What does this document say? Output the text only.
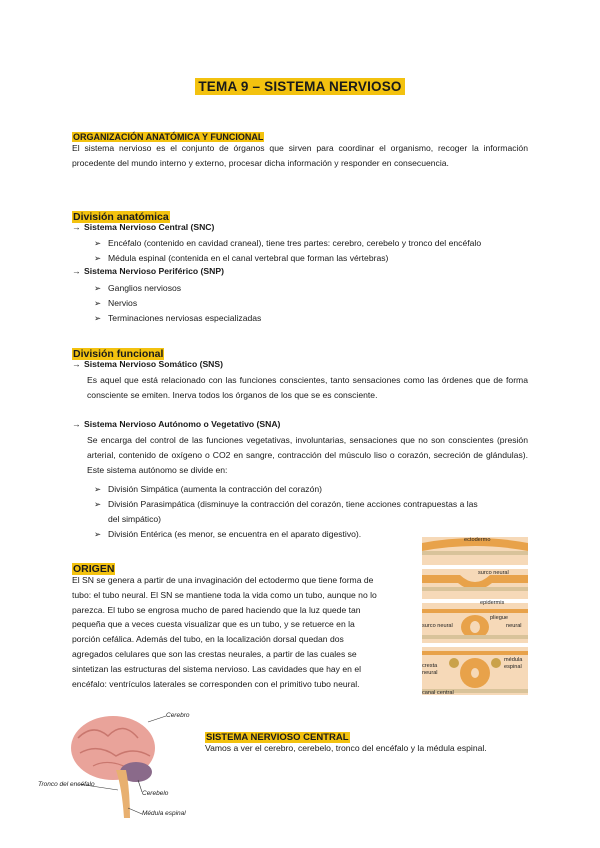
TEMA 9 – SISTEMA NERVIOSO
ORGANIZACIÓN ANATÓMICA Y FUNCIONAL
El sistema nervioso es el conjunto de órganos que sirven para coordinar el organismo, recoger la información procedente del mundo interno y externo, procesar dicha información y responder en consecuencia.
División anatómica
→ Sistema Nervioso Central (SNC)
➢ Encéfalo (contenido en cavidad craneal), tiene tres partes: cerebro, cerebelo y tronco del encéfalo
➢ Médula espinal (contenida en el canal vertebral que forman las vértebras)
→ Sistema Nervioso Periférico (SNP)
➢ Ganglios nerviosos
➢ Nervios
➢ Terminaciones nerviosas especializadas
División funcional
→ Sistema Nervioso Somático (SNS)
Es aquel que está relacionado con las funciones conscientes, tanto sensaciones como las órdenes que de forma consciente se emiten. Inerva todos los órganos de los que se es consciente.
→ Sistema Nervioso Autónomo o Vegetativo (SNA)
Se encarga del control de las funciones vegetativas, involuntarias, sensaciones que no son conscientes (presión arterial, contenido de oxígeno o CO2 en sangre, contracción del músculo liso o corazón, secreción de glándulas). Este sistema autónomo se divide en:
➢ División Simpática (aumenta la contracción del corazón)
➢ División Parasimpática (disminuye la contracción del corazón, tiene acciones contrapuestas a las
del simpático)
➢ División Entérica (es menor, se encuentra en el aparato digestivo).
ORIGEN
El SN se genera a partir de una invaginación del ectodermo que tiene forma de
tubo: el tubo neural. El SN se mantiene toda la vida como un tubo, aunque no lo
parezca. El tubo se engrosa mucho de pared haciendo que la luz quede tan
pequeña que a veces cuesta visualizar que es un tubo, y se retuerce en la
porción cefálica. Además del tubo, en la localización dorsal quedan dos
agregados celulares que son las crestas neurales, a partir de las cuales se
sintetizan las estructuras del sistema nervioso. Las cavidades que hay en el
encéfalo: ventrículos laterales se corresponden con el primitivo tubo neural.
ectodermo
surco neural
epidermis
pliegue
surco neural	neural
médula
espinal
cresta
neural
canal central
Cerebro
Tronco del encéfalo
Cerebelo
Médula espinal
SISTEMA NERVIOSO CENTRAL
Vamos a ver el cerebro, cerebelo, tronco del encéfalo y la médula espinal.
